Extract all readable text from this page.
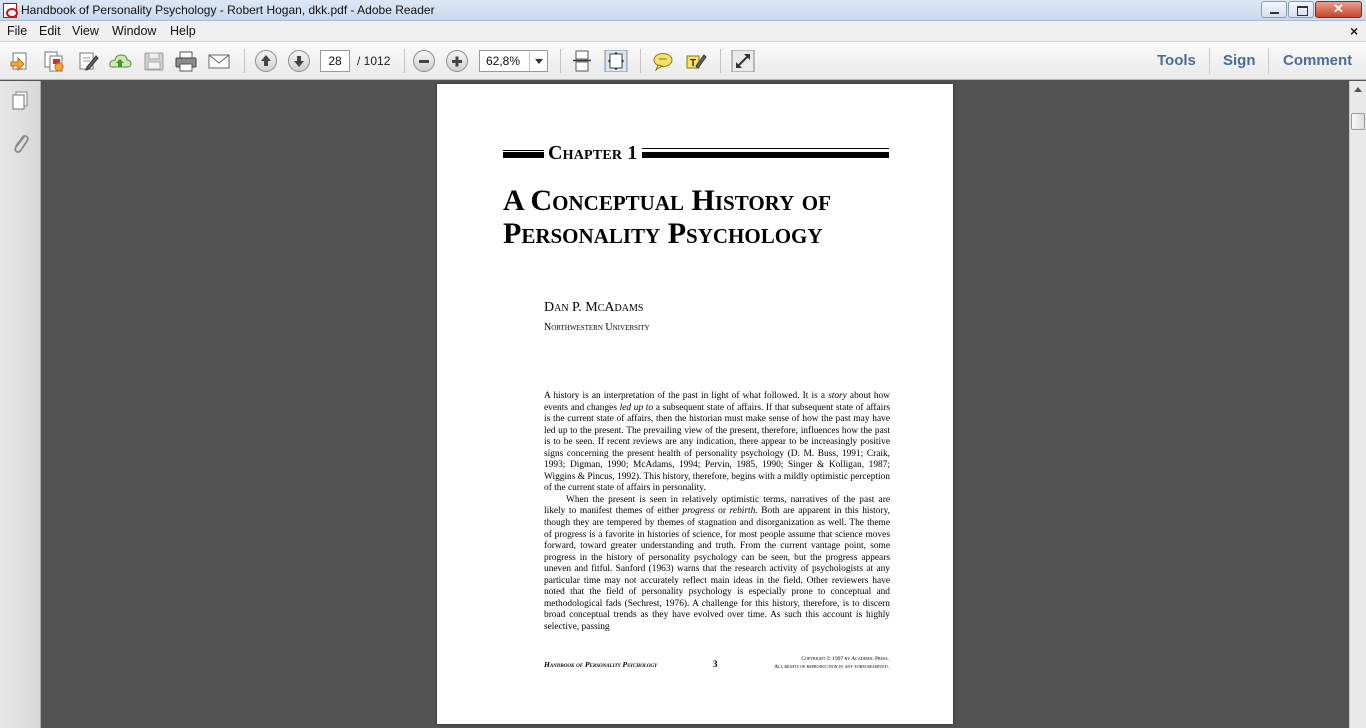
Handbook of Personality Psychology - Robert Hogan, dkk.pdf - Adobe Reader	✕
File Edit View Window Help	×
28	/ 1012	62,8%	T	Tools Sign Comment
Chapter 1
A Conceptual History of
Personality Psychology
Dan P. McAdams
Northwestern University

A history is an interpretation of the past in light of what followed. It is a story about how events and changes led up to a subsequent state of affairs. If that subsequent state of affairs is the current state of affairs, then the historian must make sense of how the past may have led up to the present. The prevailing view of the present, therefore, influences how the past is to be seen. If recent reviews are any indication, there appear to be increasingly positive signs concerning the present health of personality psychology (D. M. Buss, 1991; Craik, 1993; Digman, 1990; McAdams, 1994; Pervin, 1985, 1990; Singer & Kolligan, 1987; Wiggins & Pincus, 1992). This history, therefore, begins with a mildly optimistic perception of the current state of affairs in personality.

When the present is seen in relatively optimistic terms, narratives of the past are likely to manifest themes of either progress or rebirth. Both are apparent in this history, though they are tempered by themes of stagnation and disorganization as well. The theme of progress is a favorite in histories of science, for most people assume that science moves forward, toward greater understanding and truth. From the current vantage point, some progress in the history of personality psychology can be seen, but the progress appears uneven and fitful. Sanford (1963) warns that the research activity of psychologists at any particular time may not accurately reflect main ideas in the field. Other reviewers have noted that the field of personality psychology is especially prone to conceptual and methodological fads (Sechrest, 1976). A challenge for this history, therefore, is to discern broad conceptual trends as they have evolved over time. As such this account is highly selective, passing

Handbook of Personality Psychology	3	Copyright © 1997 by Academic Press.
All rights of reproduction in any form reserved.
